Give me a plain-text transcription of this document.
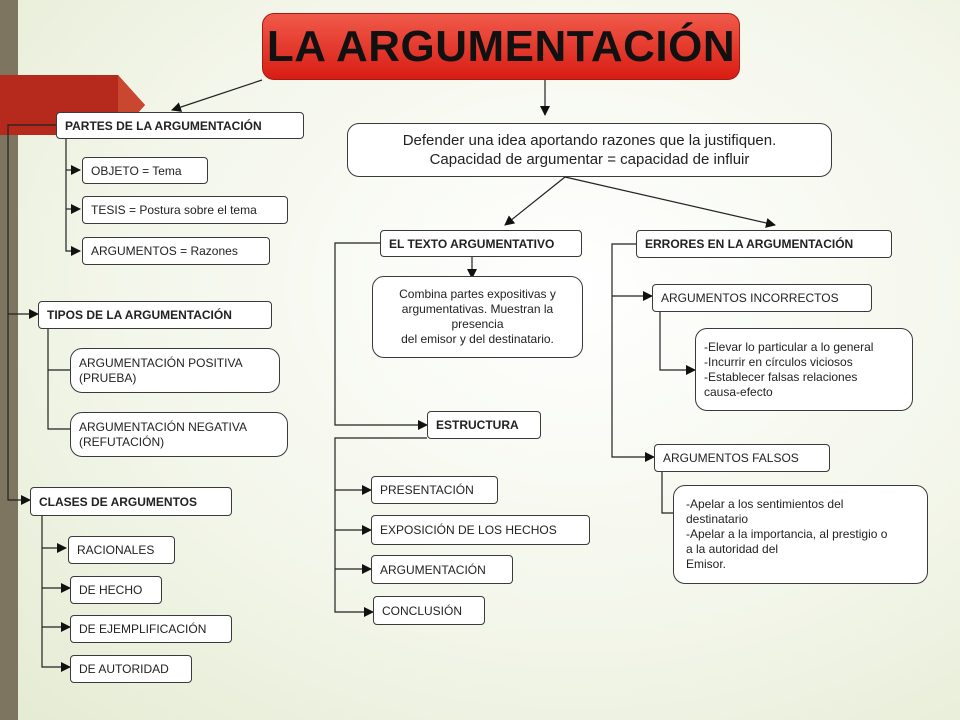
LA ARGUMENTACIÓN
Defender una idea aportando razones que la justifiquen.
Capacidad de argumentar = capacidad de influir
PARTES DE LA ARGUMENTACIÓN
OBJETO = Tema
TESIS = Postura sobre el tema
ARGUMENTOS = Razones
TIPOS DE LA ARGUMENTACIÓN
ARGUMENTACIÓN POSITIVA
(PRUEBA)
ARGUMENTACIÓN NEGATIVA
(REFUTACIÓN)
CLASES DE ARGUMENTOS
RACIONALES
DE HECHO
DE EJEMPLIFICACIÓN
DE AUTORIDAD
EL TEXTO ARGUMENTATIVO
Combina partes expositivas y
argumentativas. Muestran la
presencia
del emisor y del destinatario.
ESTRUCTURA
PRESENTACIÓN
EXPOSICIÓN DE LOS HECHOS
ARGUMENTACIÓN
CONCLUSIÓN
ERRORES EN LA ARGUMENTACIÓN
ARGUMENTOS INCORRECTOS
-Elevar lo particular a lo general
-Incurrir en círculos viciosos
-Establecer falsas relaciones
causa-efecto
ARGUMENTOS FALSOS
-Apelar a los sentimientos del
destinatario
-Apelar a la importancia, al prestigio o
a la autoridad del
Emisor.
